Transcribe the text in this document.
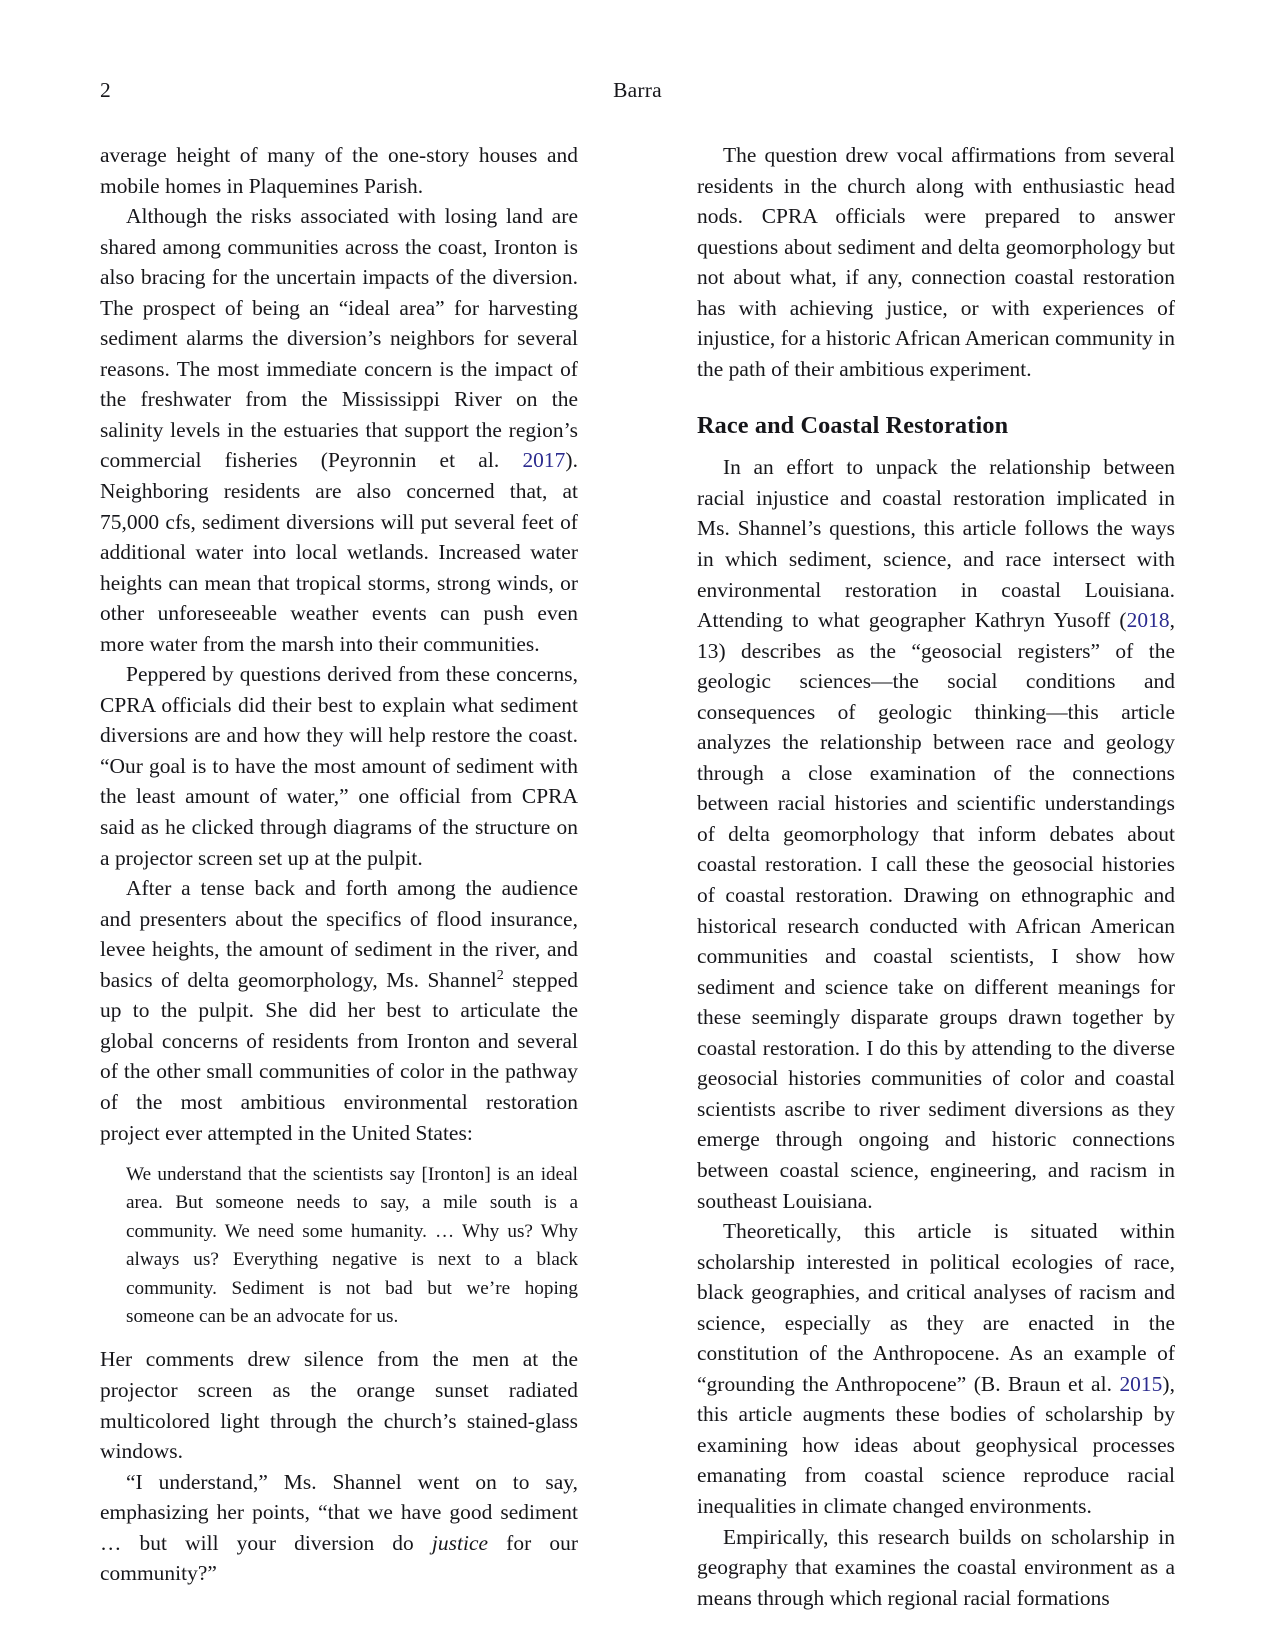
2	Barra

average height of many of the one-story houses and mobile homes in Plaquemines Parish.

Although the risks associated with losing land are shared among communities across the coast, Ironton is also bracing for the uncertain impacts of the diversion. The prospect of being an “ideal area” for harvesting sediment alarms the diversion’s neighbors for several reasons. The most immediate concern is the impact of the freshwater from the Mississippi River on the salinity levels in the estuaries that support the region’s commercial fisheries (Peyronnin et al. 2017). Neighboring residents are also concerned that, at 75,000 cfs, sediment diversions will put several feet of additional water into local wetlands. Increased water heights can mean that tropical storms, strong winds, or other unforeseeable weather events can push even more water from the marsh into their communities.

Peppered by questions derived from these concerns, CPRA officials did their best to explain what sediment diversions are and how they will help restore the coast. “Our goal is to have the most amount of sediment with the least amount of water,” one official from CPRA said as he clicked through diagrams of the structure on a projector screen set up at the pulpit.

After a tense back and forth among the audience and presenters about the specifics of flood insurance, levee heights, the amount of sediment in the river, and basics of delta geomorphology, Ms. Shannel$^2$ stepped up to the pulpit. She did her best to articulate the global concerns of residents from Ironton and several of the other small communities of color in the pathway of the most ambitious environmental restoration project ever attempted in the United States:

We understand that the scientists say [Ironton] is an ideal area. But someone needs to say, a mile south is a community. We need some humanity. … Why us? Why always us? Everything negative is next to a black community. Sediment is not bad but we’re hoping someone can be an advocate for us.

Her comments drew silence from the men at the projector screen as the orange sunset radiated multicolored light through the church’s stained-glass windows.

“I understand,” Ms. Shannel went on to say, emphasizing her points, “that we have good sediment … but will your diversion do justice for our community?”

The question drew vocal affirmations from several residents in the church along with enthusiastic head nods. CPRA officials were prepared to answer questions about sediment and delta geomorphology but not about what, if any, connection coastal restoration has with achieving justice, or with experiences of injustice, for a historic African American community in the path of their ambitious experiment.

Race and Coastal Restoration

In an effort to unpack the relationship between racial injustice and coastal restoration implicated in Ms. Shannel’s questions, this article follows the ways in which sediment, science, and race intersect with environmental restoration in coastal Louisiana. Attending to what geographer Kathryn Yusoff (2018, 13) describes as the “geosocial registers” of the geologic sciences—the social conditions and consequences of geologic thinking—this article analyzes the relationship between race and geology through a close examination of the connections between racial histories and scientific understandings of delta geomorphology that inform debates about coastal restoration. I call these the geosocial histories of coastal restoration. Drawing on ethnographic and historical research conducted with African American communities and coastal scientists, I show how sediment and science take on different meanings for these seemingly disparate groups drawn together by coastal restoration. I do this by attending to the diverse geosocial histories communities of color and coastal scientists ascribe to river sediment diversions as they emerge through ongoing and historic connections between coastal science, engineering, and racism in southeast Louisiana.

Theoretically, this article is situated within scholarship interested in political ecologies of race, black geographies, and critical analyses of racism and science, especially as they are enacted in the constitution of the Anthropocene. As an example of “grounding the Anthropocene” (B. Braun et al. 2015), this article augments these bodies of scholarship by examining how ideas about geophysical processes emanating from coastal science reproduce racial inequalities in climate changed environments.

Empirically, this research builds on scholarship in geography that examines the coastal environment as a means through which regional racial formations
